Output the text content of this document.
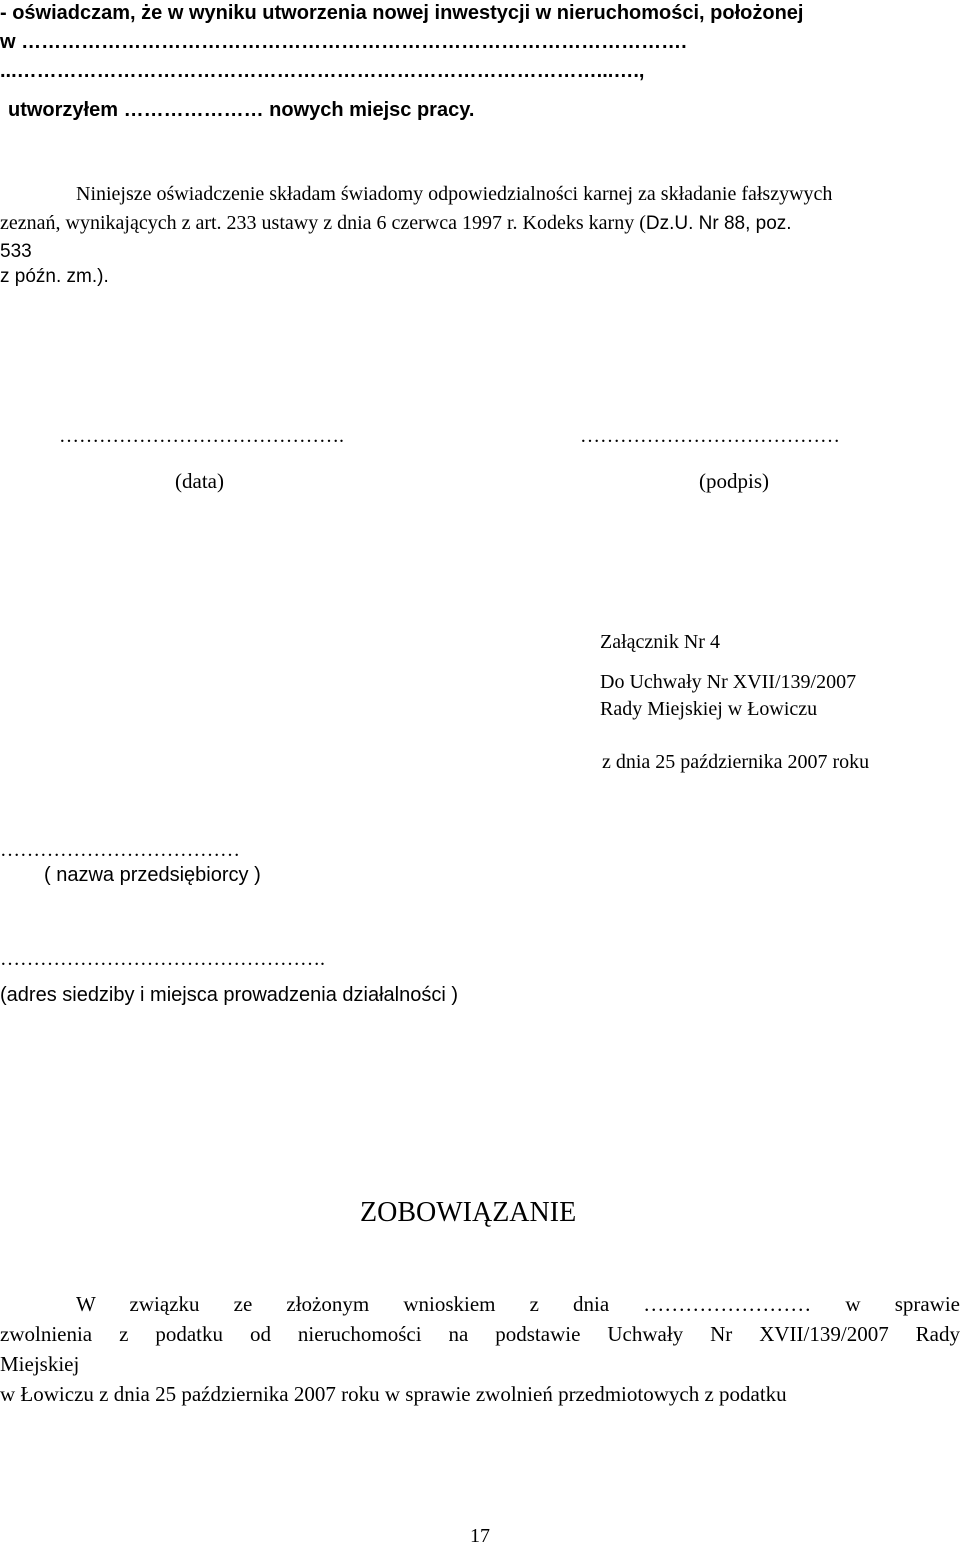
- oświadczam, że w wyniku utworzenia nowej inwestycji w nieruchomości, położonej
w ……………………………………………………………………………………….
...……………………………………………………………………………...….,
utworzyłem ………………… nowych miejsc pracy.
Niniejsze oświadczenie składam świadomy odpowiedzialności karnej za składanie fałszywych
zeznań, wynikających z art. 233 ustawy z dnia 6 czerwca 1997 r. Kodeks karny (Dz.U. Nr 88, poz.
533
z późn. zm.).
…………………………………….
(data)
…………………………………
(podpis)
Załącznik Nr 4
Do Uchwały Nr XVII/139/2007
Rady Miejskiej w Łowiczu
z dnia 25 października 2007 roku
………………………………
( nazwa przedsiębiorcy )
………………………………………….
(adres siedziby i miejsca prowadzenia działalności )
ZOBOWIĄZANIE
W związku ze złożonym wnioskiem z dnia …………………… w sprawie
zwolnienia z podatku od nieruchomości na podstawie Uchwały Nr XVII/139/2007 Rady
Miejskiej
w Łowiczu z dnia 25 października 2007 roku w sprawie zwolnień przedmiotowych z podatku
17
